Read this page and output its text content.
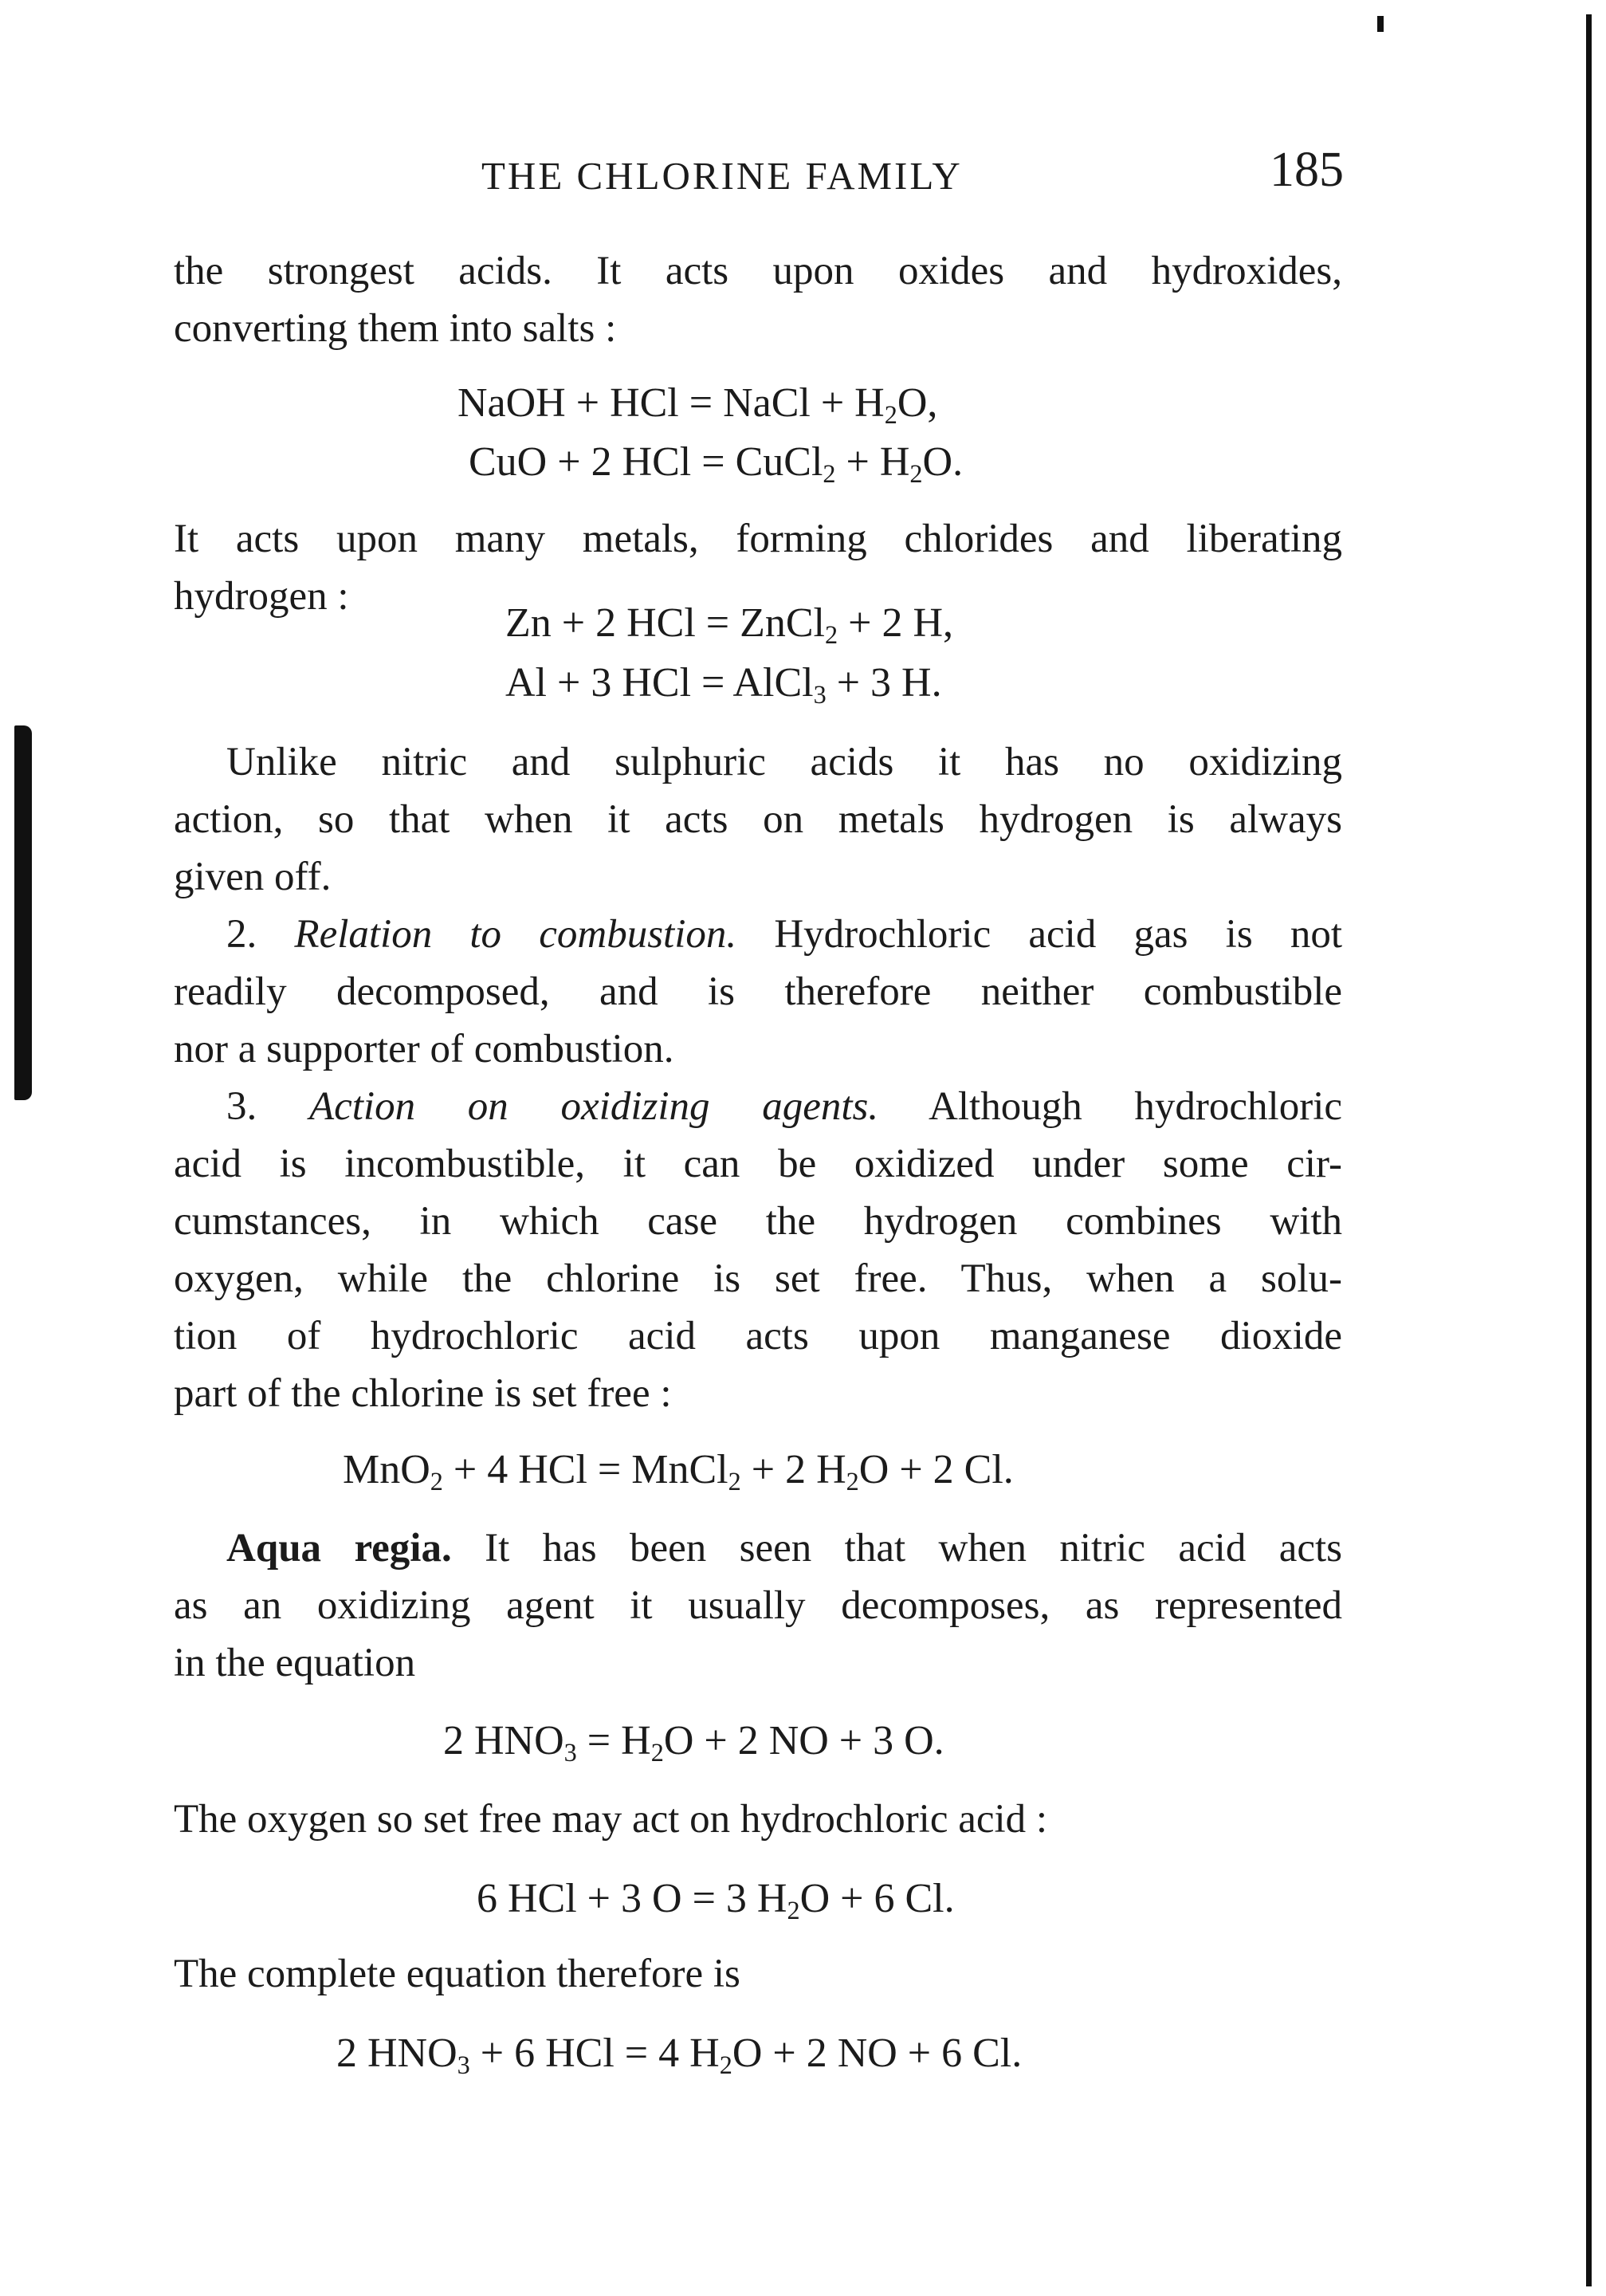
THE CHLORINE FAMILY	185
the strongest acids. It acts upon oxides and hydroxides,
converting them into salts :
NaOH + HCl = NaCl + $H_2O$,
CuO + 2 HCl = CuCl$_2$ + $H_2O$.
It acts upon many metals, forming chlorides and liberating
hydrogen :
Zn + 2 HCl = ZnCl$_2$ + 2 H,
Al + 3 HCl = AlCl$_3$ + 3 H.
Unlike nitric and sulphuric acids it has no oxidizing
action, so that when it acts on metals hydrogen is always
given off.
2. Relation to combustion. Hydrochloric acid gas is not
readily decomposed, and is therefore neither combustible
nor a supporter of combustion.
3. Action on oxidizing agents. Although hydrochloric
acid is incombustible, it can be oxidized under some cir-
cumstances, in which case the hydrogen combines with
oxygen, while the chlorine is set free. Thus, when a solu-
tion of hydrochloric acid acts upon manganese dioxide
part of the chlorine is set free :
MnO$_2$ + 4 HCl = MnCl$_2$ + 2 $H_2O + 2$ Cl.
Aqua regia. It has been seen that when nitric acid acts
as an oxidizing agent it usually decomposes, as represented
in the equation
2 $HNO_3 = H_2O + 2$ NO + 3 O.
The oxygen so set free may act on hydrochloric acid :
6 HCl + 3 O = 3 $H_2O + 6$ Cl.
The complete equation therefore is
2 $HNO_3 + 6$ HCl = 4 $H_2O + 2$ NO + 6 Cl.
